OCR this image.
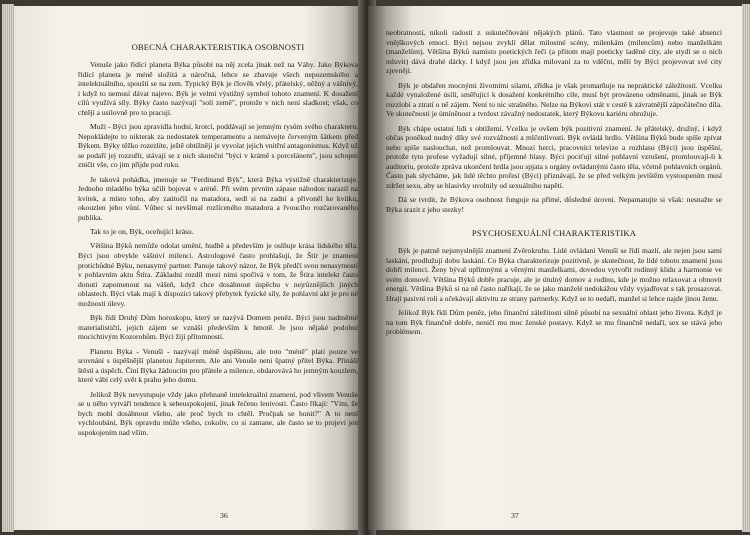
OBECNÁ CHARAKTERISTIKA OSOBNOSTI

Venuše jako řídící planeta Býka působí na něj zcela jinak než na Váhy. Jako Býkova řídící planeta je méně složitá a náročná, lehce se zbavuje všech nepozemského a intelektuálního, spouští se na zem. Typický Býk je člověk vřelý, přátelský, něžný a vášnivý, i když to nemusí dávat najevo. Býk je velmi výstižný symbol tohoto znamení. K dosažení cílů využívá síly. Býky často nazývají "solí země", protože v nich není sladkost; však, co chtějí a usilovně pro to pracují.

Muži - Býci jsou zpravidla hodní, krotcí, poddávají se jemným rysům svého charakteru. Nepokládejte to nikterak za nedostatek temperamentu a nemávejte červeným šátkem před Býkem. Býky těžko rozezlíte, ještě obtížněji je vyvolat jejich vnitřní antagonismus. Když už se podaří jej rozzuřit, stávají se z nich skuteční "býci v krámě s porcelánem", jsou schopni zničit vše, co jim přijde pod ruku.

Je taková pohádka, jmenuje se "Ferdinand Býk", která Býka výstižně charakterizuje. Jednoho mladého býka učili bojovat v aréně. Při svém prvním zápase náhodou narazil na kvítek, a místo toho, aby zaútočil na matadora, sedl si na zadní a přivoněl ke kvítku, okouzlen jeho vůní. Vůbec si nevšímal rozlíceného matadora a řvoucího rozčarovaného publika.

Tak to je on, Býk, oceňující krásu.

Většina Býků nemůže odolat umění, hudbě a především je oslňuje krása lidského těla. Býci jsou obvykle vášniví milenci. Astrologové často prohlašují, že Štír je znamení protichůdné Býku, nenasytný partner. Panuje takový názor, že Býk předčí svou nenasytností v pohlavním aktu Štíra. Základní rozdíl mezi nimi spočívá v tom, že Štíra intelekt často donutí zapomenout na vášeň, když chce dosáhnout úspěchu v nejrůznějších jiných oblastech. Býci však mají k dispozici takový přebytek fyzické síly, že pohlavní akt je pro ně možností úlevy.

Býk řídí Druhý Dům horoskopu, který se nazývá Domem peněz. Býci jsou nadměrně materialističtí, jejich zájem se vznáší především k hmotě. Je jsou nějaké podobní mocichtivým Kozorohům. Býci žijí přítomností.

Planetu Býka - Venuši - nazývají méně úspěšnou, ale toto "méně" platí pouze ve srovnání s úspěšnější planetou Jupiterem. Ale ani Venuše není špatný přítel Býka. Přináší štěstí a úspěch. Činí Býka žádoucím pro přátele a milence, obdarovává ho jemným kouzlem, které vábí celý svět k prahu jeho domu.

Jelikož Býk nevystupuje vždy jako přehnaně intelektuální znamení, pod vlivem Venuše se u něho vytváří tendence k sebeuspokojení, jinak řečeno lenivosti. Často říkají: "Vím, že bych mohl dosáhnout všeho, ale proč bych to chtěl. Pročpak se honit?" A to není vychloubání, Býk opravdu může všeho, cokoliv, co si zamane, ale často se to projeví jen uspokojením nad vším.

36

neobratností, nikoli radostí z uskutečňování nějakých plánů. Tato vlastnost se projevuje také absencí vnějškových emocí. Býci nejsou zvyklí dělat milostné scény, milenkám (milencům) nebo manželkám (manželům). Většina Býků namísto poetických řečí (a přitom mají poeticky laděné city, ale stydí se o nich mluvit) dává drahé dárky. I když jsou jen zřídka milovaní za to vděčni, mělí by Býci projevovat své city zjevněji.

Býk je obdařen mocnými životními silami, zřídka je však promarňuje na nepraktické záležitosti. Vcelku každé vynaložené úsilí, směřující k dosažení konkrétního cíle, musí být provázeno odměnami, jinak se Býk rozzlobí a ztratí o ně zájem. Není to nic strašného. Nelze na Býkovi stát v cestě k závratnější zápočátečno díla. Ve skutečnosti je úmíněnost a tvrdost závažný nedostatek, který Býkovu kariéru ohrožuje.

Býk chápe ostatní lidi s obtížemi. Vcelku je ovšem býk pozitivní znamení. Je přátelský, družný, i když občas poněkud nudný díky své rozvážnosti a mlčenlivosti. Býk ovládá hrdlo. Většina Býků bude spíše zpívat nebo spíše naslouchat, než promlouvat. Mnozí herci, pracovníci televize a rozhlasu (Býci) jsou úspěšní, protože tyto profese vyžadují silné, příjemné hlasy. Býci pociťují silné pohlavní vzrušení, promlouvají-li k auditoriu, protože zpráva ukončení hrdla jsou spjata s orgány ovládanými často těla, včetně pohlavních orgánů. Často pak slycháme, jak lidé těchto profesí (Býci) přiznávají, že se před velkým jevištěm vystoupením musí zdržet sexu, aby se hlasivky uvolnily od sexuálního napětí.

Dá se tvrdit, že Býkova osobnost funguje na přímé, důsledné úrovni. Nepamatujte si však: nesnažte se Býka srazit z jeho stezky!

PSYCHOSEXUÁLNÍ CHARAKTERISTIKA

Býk je patrně nejsmyslnější znamení Zvěrokruhu. Lidé ovládaní Venuší se řídí mazlí, ale nejen jsou sami laskáni, prodlužují dobu laskání. Co Býka charakterizuje pozitivně, je skutečnost, že lidé tohoto znamení jsou dobří milenci. Ženy býval upřímnými a věrnými manželkami, dovedou vytvořit rodinný klidu a harmonie ve svém domově. Většina Býků dobře pracuje, ale je útulný domov a rodinu, kde je možno relaxovat a obnovit energii. Většina Býků si na ně často naříkají, že se jako manželé nedokážou vždy vyjadřovat s tak prosazovat. Hrají pasivní roli a očekávají aktivitu ze strany partnerky. Když se to nedaří, manžel si lehce najde jinou ženu.

Jelikož Býk řídí Dům peněz, jeho finanční záležitosti silně působí na sexuální oblast jeho života. Když je na tom Býk finančně dobře, neničí mu moc ženské postavy. Když se mu finančně nedaří, sex se stává jeho problémem.

37
